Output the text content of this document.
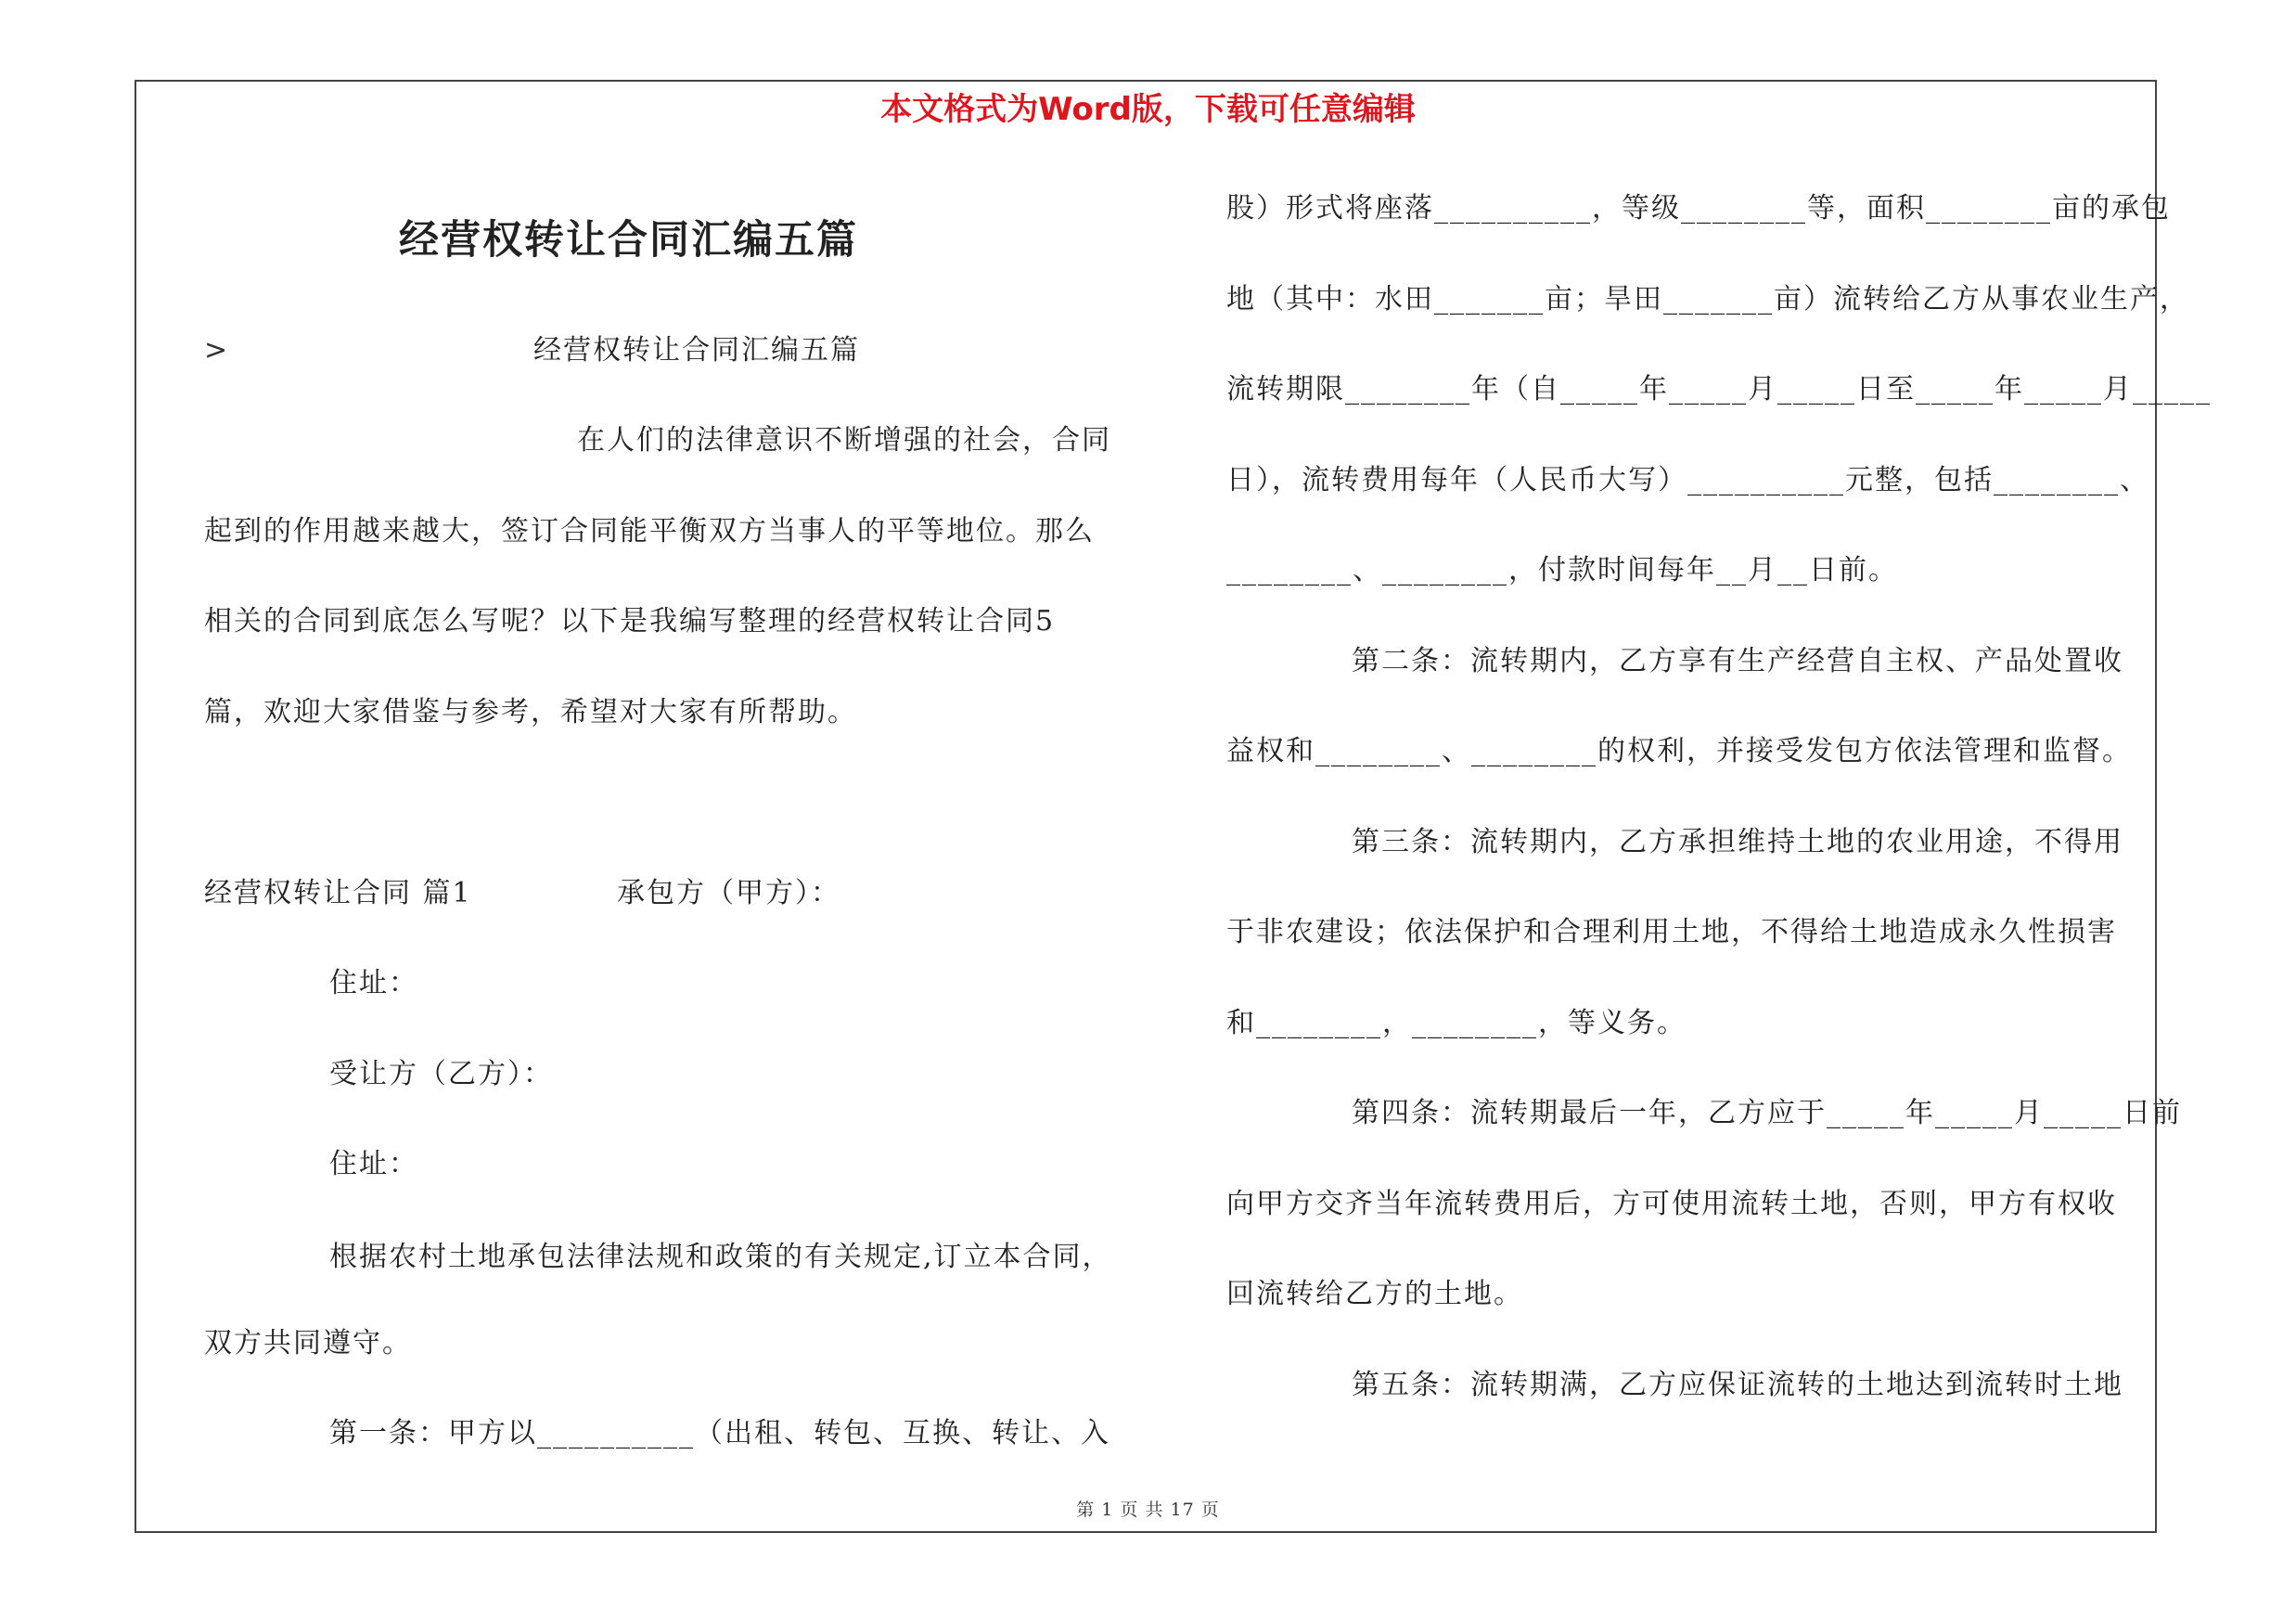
本文格式为Word版，下载可任意编辑
经营权转让合同汇编五篇
>	经营权转让合同汇编五篇
在人们的法律意识不断增强的社会，合同
起到的作用越来越大，签订合同能平衡双方当事人的平等地位。那么
相关的合同到底怎么写呢？以下是我编写整理的经营权转让合同5
篇，欢迎大家借鉴与参考，希望对大家有所帮助。
经营权转让合同 篇1	承包方（甲方）：
住址：
受让方（乙方）：
住址：
根据农村土地承包法律法规和政策的有关规定,订立本合同，
双方共同遵守。
第一条：甲方以__________（出租、转包、互换、转让、入
股）形式将座落__________，等级________等，面积________亩的承包
地（其中：水田_______亩；旱田_______亩）流转给乙方从事农业生产，
流转期限________年（自_____年_____月_____日至_____年_____月_____
日），流转费用每年（人民币大写）__________元整，包括________、
________、________，付款时间每年__月__日前。
第二条：流转期内，乙方享有生产经营自主权、产品处置收
益权和________、________的权利，并接受发包方依法管理和监督。
第三条：流转期内，乙方承担维持土地的农业用途，不得用
于非农建设；依法保护和合理利用土地，不得给土地造成永久性损害
和________，________，等义务。
第四条：流转期最后一年，乙方应于_____年_____月_____日前
向甲方交齐当年流转费用后，方可使用流转土地，否则，甲方有权收
回流转给乙方的土地。
第五条：流转期满，乙方应保证流转的土地达到流转时土地
第 1 页 共 17 页
